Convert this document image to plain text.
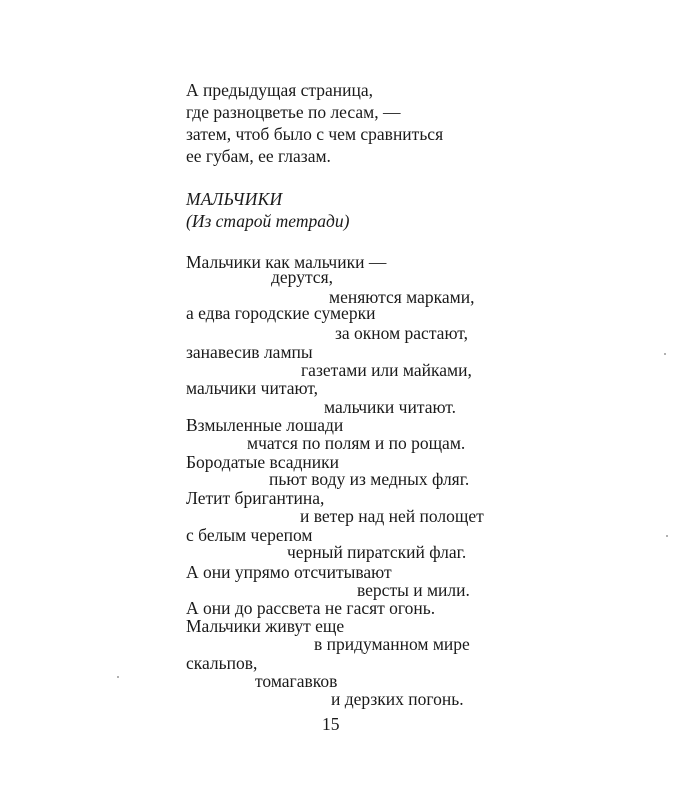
А предыдущая страница,
где разноцветье по лесам, —
затем, чтоб было с чем сравниться
ее губам, ее глазам.
МАЛЬЧИКИ
(Из старой тетради)
Мальчики как мальчики —
дерутся,
меняются марками,
а едва городские сумерки
за окном растают,
занавесив лампы
газетами или майками,
мальчики читают,
мальчики читают.
Взмыленные лошади
мчатся по полям и по рощам.
Бородатые всадники
пьют воду из медных фляг.
Летит бригантина,
и ветер над ней полощет
с белым черепом
черный пиратский флаг.
А они упрямо отсчитывают
версты и мили.
А они до рассвета не гасят огонь.
Мальчики живут еще
в придуманном мире
скальпов,
томагавков
и дерзких погонь.
15
